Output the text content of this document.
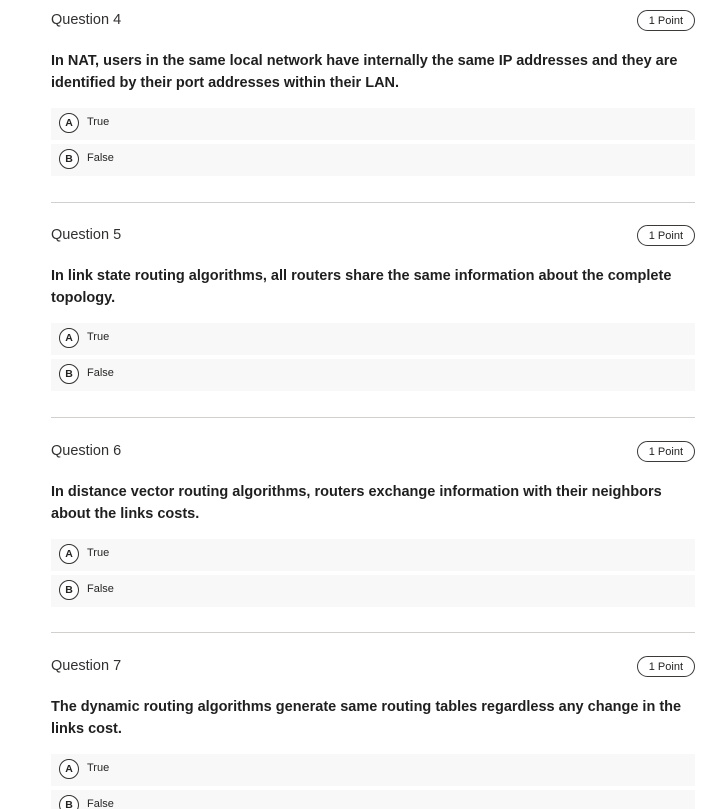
Question 4	1 Point
In NAT, users in the same local network have internally the same IP addresses and they are identified by their port addresses within their LAN.
A	True
B	False
Question 5	1 Point
In link state routing algorithms, all routers share the same information about the complete topology.
A	True
B	False
Question 6	1 Point
In distance vector routing algorithms, routers exchange information with their neighbors about the links costs.
A	True
B	False
Question 7	1 Point
The dynamic routing algorithms generate same routing tables regardless any change in the links cost.
A	True
B	False
